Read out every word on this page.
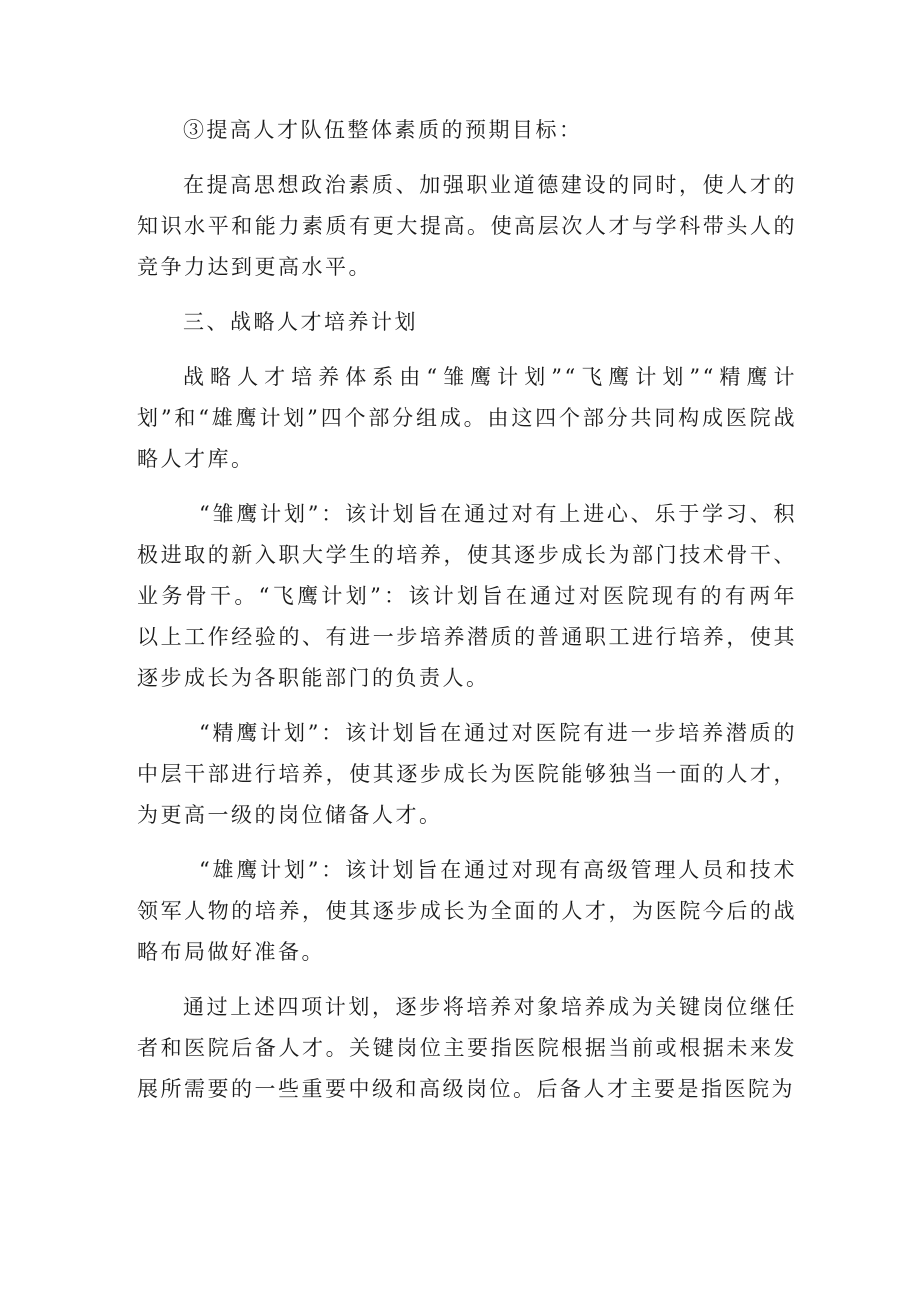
③提高人才队伍整体素质的预期目标：

在提高思想政治素质、加强职业道德建设的同时，使人才的知识水平和能力素质有更大提高。使高层次人才与学科带头人的竞争力达到更高水平。

三、战略人才培养计划

战略人才培养体系由“雏鹰计划”“飞鹰计划”“精鹰计划”和“雄鹰计划”四个部分组成。由这四个部分共同构成医院战略人才库。

“雏鹰计划”：该计划旨在通过对有上进心、乐于学习、积极进取的新入职大学生的培养，使其逐步成长为部门技术骨干、业务骨干。“飞鹰计划”：该计划旨在通过对医院现有的有两年以上工作经验的、有进一步培养潜质的普通职工进行培养，使其逐步成长为各职能部门的负责人。

“精鹰计划”：该计划旨在通过对医院有进一步培养潜质的中层干部进行培养，使其逐步成长为医院能够独当一面的人才，为更高一级的岗位储备人才。

“雄鹰计划”：该计划旨在通过对现有高级管理人员和技术领军人物的培养，使其逐步成长为全面的人才，为医院今后的战略布局做好准备。

通过上述四项计划，逐步将培养对象培养成为关键岗位继任者和医院后备人才。关键岗位主要指医院根据当前或根据未来发展所需要的一些重要中级和高级岗位。后备人才主要是指医院为
